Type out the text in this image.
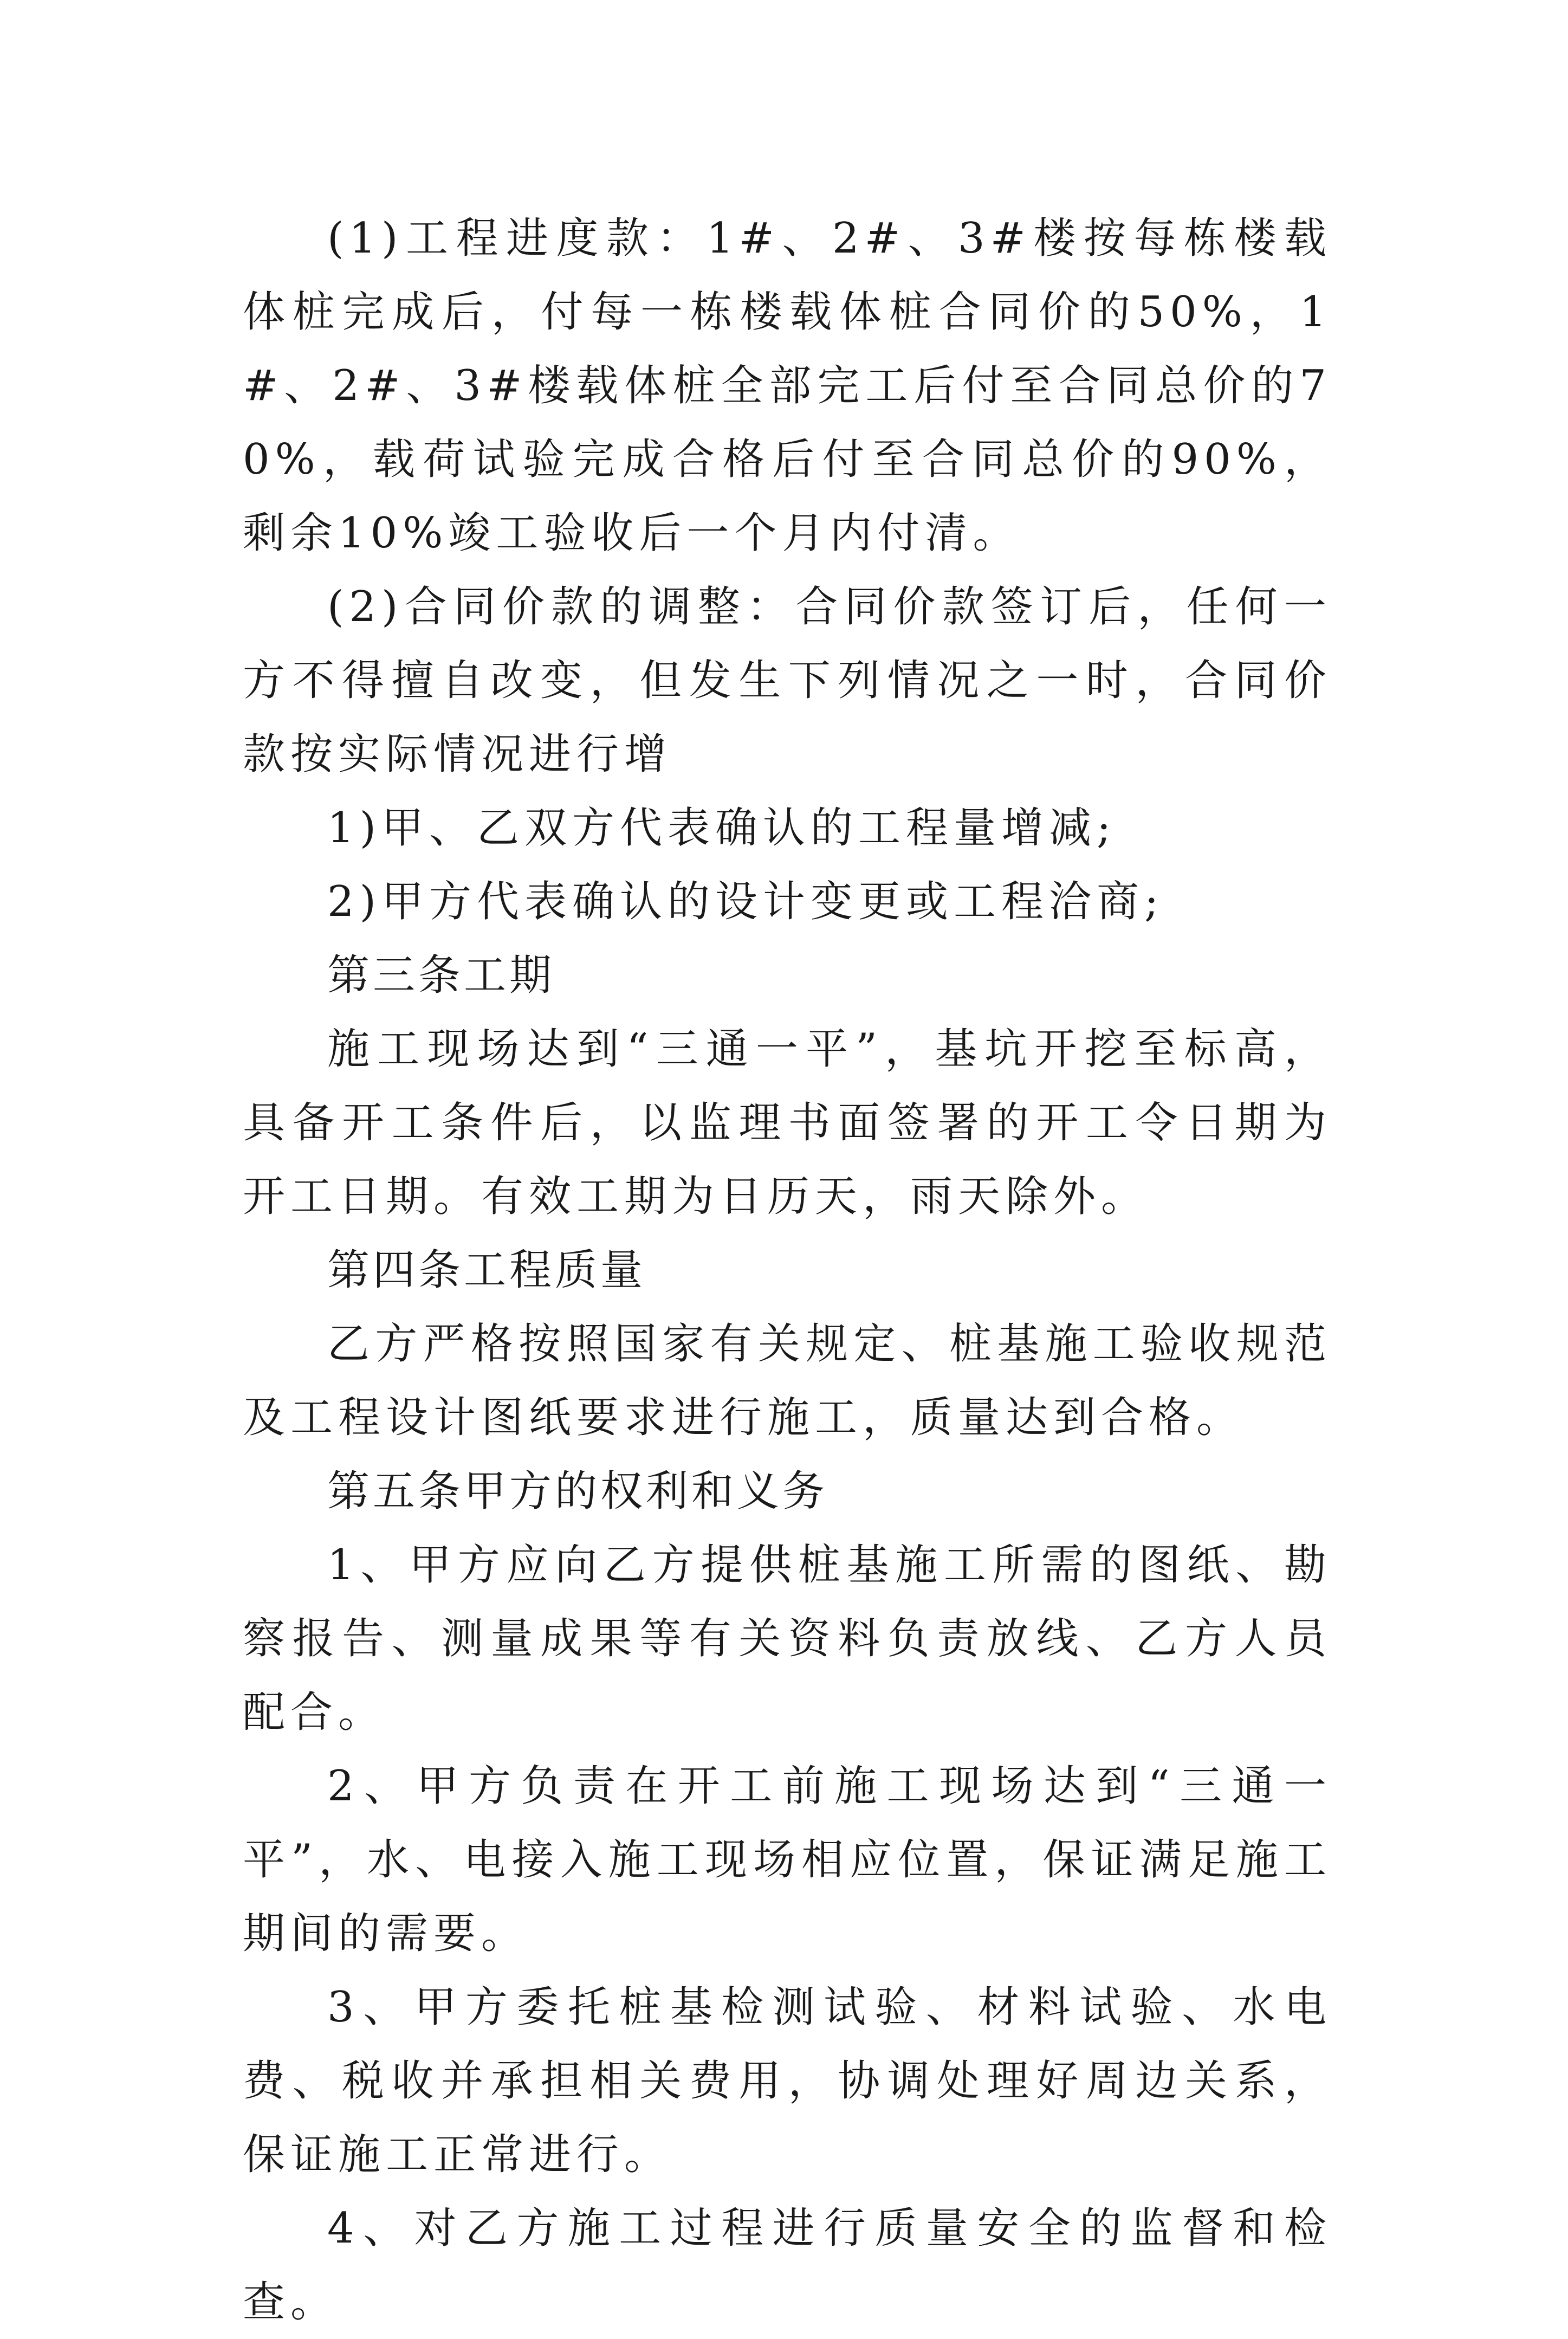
(1)工程进度款：1#、2#、3#楼按每栋楼载体桩完成后，付每一栋楼载体桩合同价的50%，1#、2#、3#楼载体桩全部完工后付至合同总价的70%，载荷试验完成合格后付至合同总价的90%，剩余10%竣工验收后一个月内付清。

(2)合同价款的调整：合同价款签订后，任何一方不得擅自改变，但发生下列情况之一时，合同价款按实际情况进行增

1)甲、乙双方代表确认的工程量增减;

2)甲方代表确认的设计变更或工程洽商;

第三条工期

施工现场达到“三通一平”，基坑开挖至标高，具备开工条件后，以监理书面签署的开工令日期为开工日期。有效工期为日历天，雨天除外。

第四条工程质量

乙方严格按照国家有关规定、桩基施工验收规范及工程设计图纸要求进行施工，质量达到合格。

第五条甲方的权利和义务

1、甲方应向乙方提供桩基施工所需的图纸、勘察报告、测量成果等有关资料负责放线、乙方人员配合。

2、甲方负责在开工前施工现场达到“三通一平”，水、电接入施工现场相应位置，保证满足施工期间的需要。

3、甲方委托桩基检测试验、材料试验、水电费、税收并承担相关费用，协调处理好周边关系，保证施工正常进行。

4、对乙方施工过程进行质量安全的监督和检查。
